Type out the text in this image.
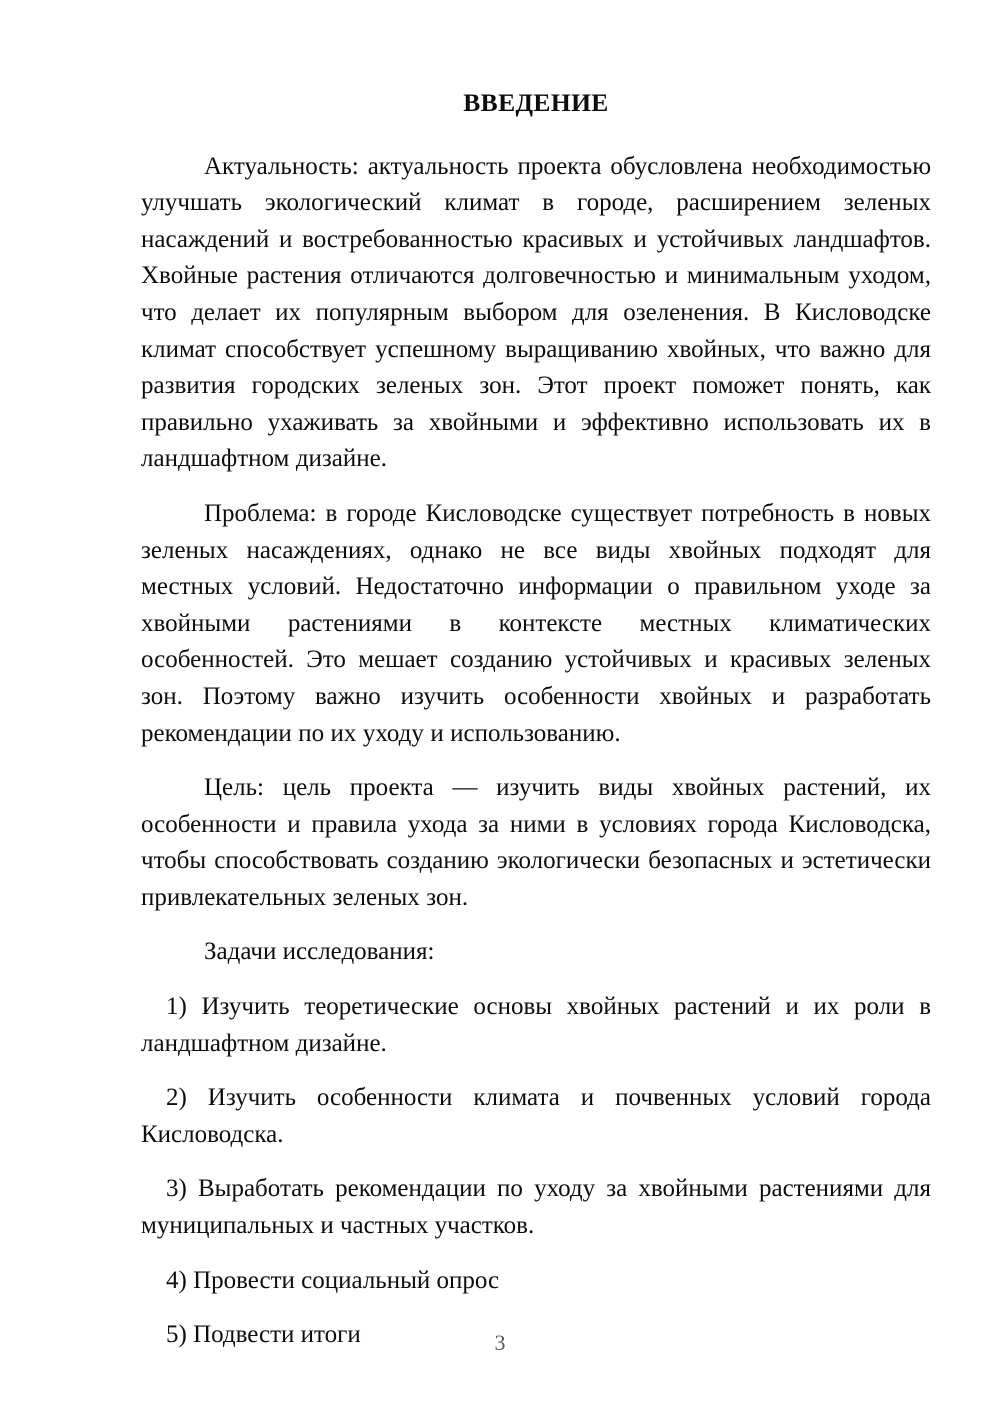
ВВЕДЕНИЕ

Актуальность: актуальность проекта обусловлена необходимостью улучшать экологический климат в городе, расширением зеленых насаждений и востребованностью красивых и устойчивых ландшафтов. Хвойные растения отличаются долговечностью и минимальным уходом, что делает их популярным выбором для озеленения. В Кисловодске климат способствует успешному выращиванию хвойных, что важно для развития городских зеленых зон. Этот проект поможет понять, как правильно ухаживать за хвойными и эффективно использовать их в ландшафтном дизайне.

Проблема: в городе Кисловодске существует потребность в новых зеленых насаждениях, однако не все виды хвойных подходят для местных условий. Недостаточно информации о правильном уходе за хвойными растениями в контексте местных климатических особенностей. Это мешает созданию устойчивых и красивых зеленых зон. Поэтому важно изучить особенности хвойных и разработать рекомендации по их уходу и использованию.

Цель: цель проекта — изучить виды хвойных растений, их особенности и правила ухода за ними в условиях города Кисловодска, чтобы способствовать созданию экологически безопасных и эстетически привлекательных зеленых зон.

Задачи исследования:

1) Изучить теоретические основы хвойных растений и их роли в ландшафтном дизайне.

2) Изучить особенности климата и почвенных условий города Кисловодска.

3) Выработать рекомендации по уходу за хвойными растениями для муниципальных и частных участков.

4) Провести социальный опрос

5) Подвести итоги	3
